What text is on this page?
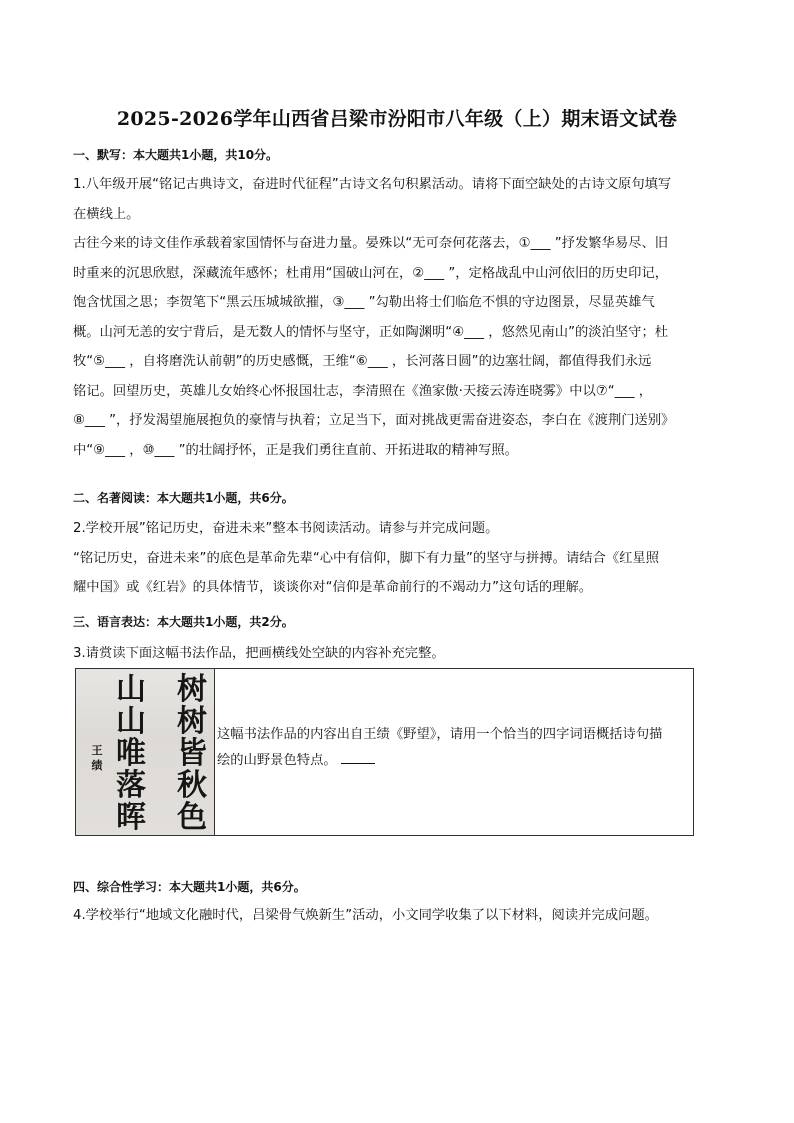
2025-2026学年山西省吕梁市汾阳市八年级（上）期末语文试卷
一、默写：本大题共1小题，共10分。
1.八年级开展“铭记古典诗文，奋进时代征程”古诗文名句积累活动。请将下面空缺处的古诗文原句填写
在横线上。
古往今来的诗文佳作承载着家国情怀与奋进力量。晏殊以“无可奈何花落去，①___ ”抒发繁华易尽、旧
时重来的沉思欣慰，深藏流年感怀；杜甫用“国破山河在，②___ ”，定格战乱中山河依旧的历史印记，
饱含忧国之思；李贺笔下“黑云压城城欲摧，③___ ”勾勒出将士们临危不惧的守边图景，尽显英雄气
概。山河无恙的安宁背后，是无数人的情怀与坚守，正如陶渊明“④___ ，悠然见南山”的淡泊坚守；杜
牧“⑤___ ，自将磨洗认前朝”的历史感慨，王维“⑥___ ，长河落日圆”的边塞壮阔，都值得我们永远
铭记。回望历史，英雄儿女始终心怀报国壮志，李清照在《渔家傲·天接云涛连晓雾》中以⑦“___ ，
⑧___ ”，抒发渴望施展抱负的豪情与执着；立足当下，面对挑战更需奋进姿态，李白在《渡荆门送别》
中“⑨___ ，⑩___ ”的壮阔抒怀，正是我们勇往直前、开拓进取的精神写照。
二、名著阅读：本大题共1小题，共6分。
2.学校开展”铭记历史，奋进未来”整本书阅读活动。请参与并完成问题。
“铭记历史，奋进未来”的底色是革命先辈“心中有信仰，脚下有力量”的坚守与拼搏。请结合《红星照
耀中国》或《红岩》的具体情节，谈谈你对“信仰是革命前行的不竭动力”这句话的理解。
三、语言表达：本大题共1小题，共2分。
3.请赏读下面这幅书法作品，把画横线处空缺的内容补充完整。
山
山
唯
落
晖
树
树
皆
秋
色
王
绩
这幅书法作品的内容出自王绩《野望》，请用一个恰当的四字词语概括诗句描
绘的山野景色特点。
四、综合性学习：本大题共1小题，共6分。
4.学校举行“地域文化融时代，吕梁骨气焕新生”活动，小文同学收集了以下材料，阅读并完成问题。
